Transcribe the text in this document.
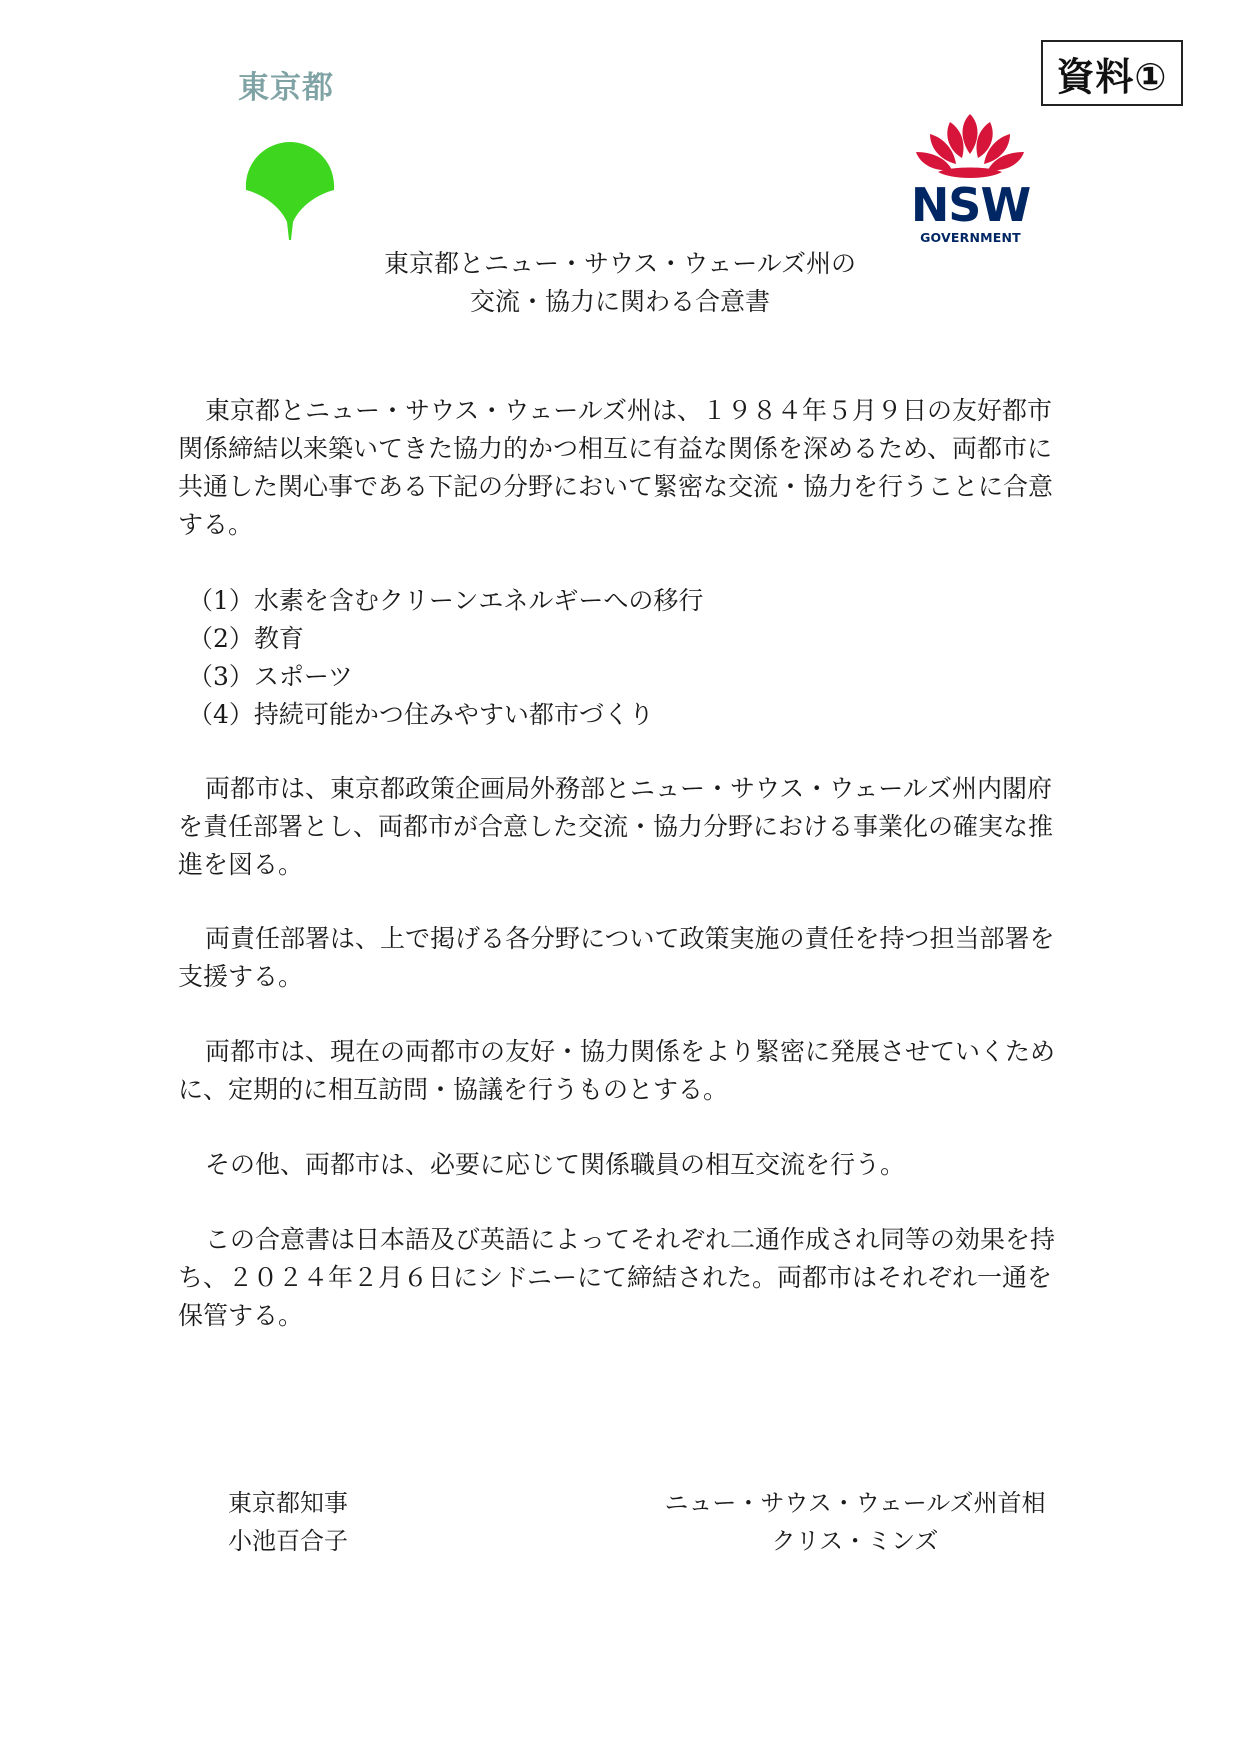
資料①
東京都
NSW
GOVERNMENT
東京都とニュー・サウス・ウェールズ州の
交流・協力に関わる合意書

東京都とニュー・サウス・ウェールズ州は、１９８４年５月９日の友好都市関係締結以来築いてきた協力的かつ相互に有益な関係を深めるため、両都市に共通した関心事である下記の分野において緊密な交流・協力を行うことに合意する。

（1）水素を含むクリーンエネルギーへの移行
（2）教育
（3）スポーツ
（4）持続可能かつ住みやすい都市づくり

両都市は、東京都政策企画局外務部とニュー・サウス・ウェールズ州内閣府を責任部署とし、両都市が合意した交流・協力分野における事業化の確実な推進を図る。

両責任部署は、上で掲げる各分野について政策実施の責任を持つ担当部署を支援する。

両都市は、現在の両都市の友好・協力関係をより緊密に発展させていくために、定期的に相互訪問・協議を行うものとする。

その他、両都市は、必要に応じて関係職員の相互交流を行う。

この合意書は日本語及び英語によってそれぞれ二通作成され同等の効果を持ち、２０２４年２月６日にシドニーにて締結された。両都市はそれぞれ一通を保管する。

東京都知事
小池百合子
ニュー・サウス・ウェールズ州首相
クリス・ミンズ
